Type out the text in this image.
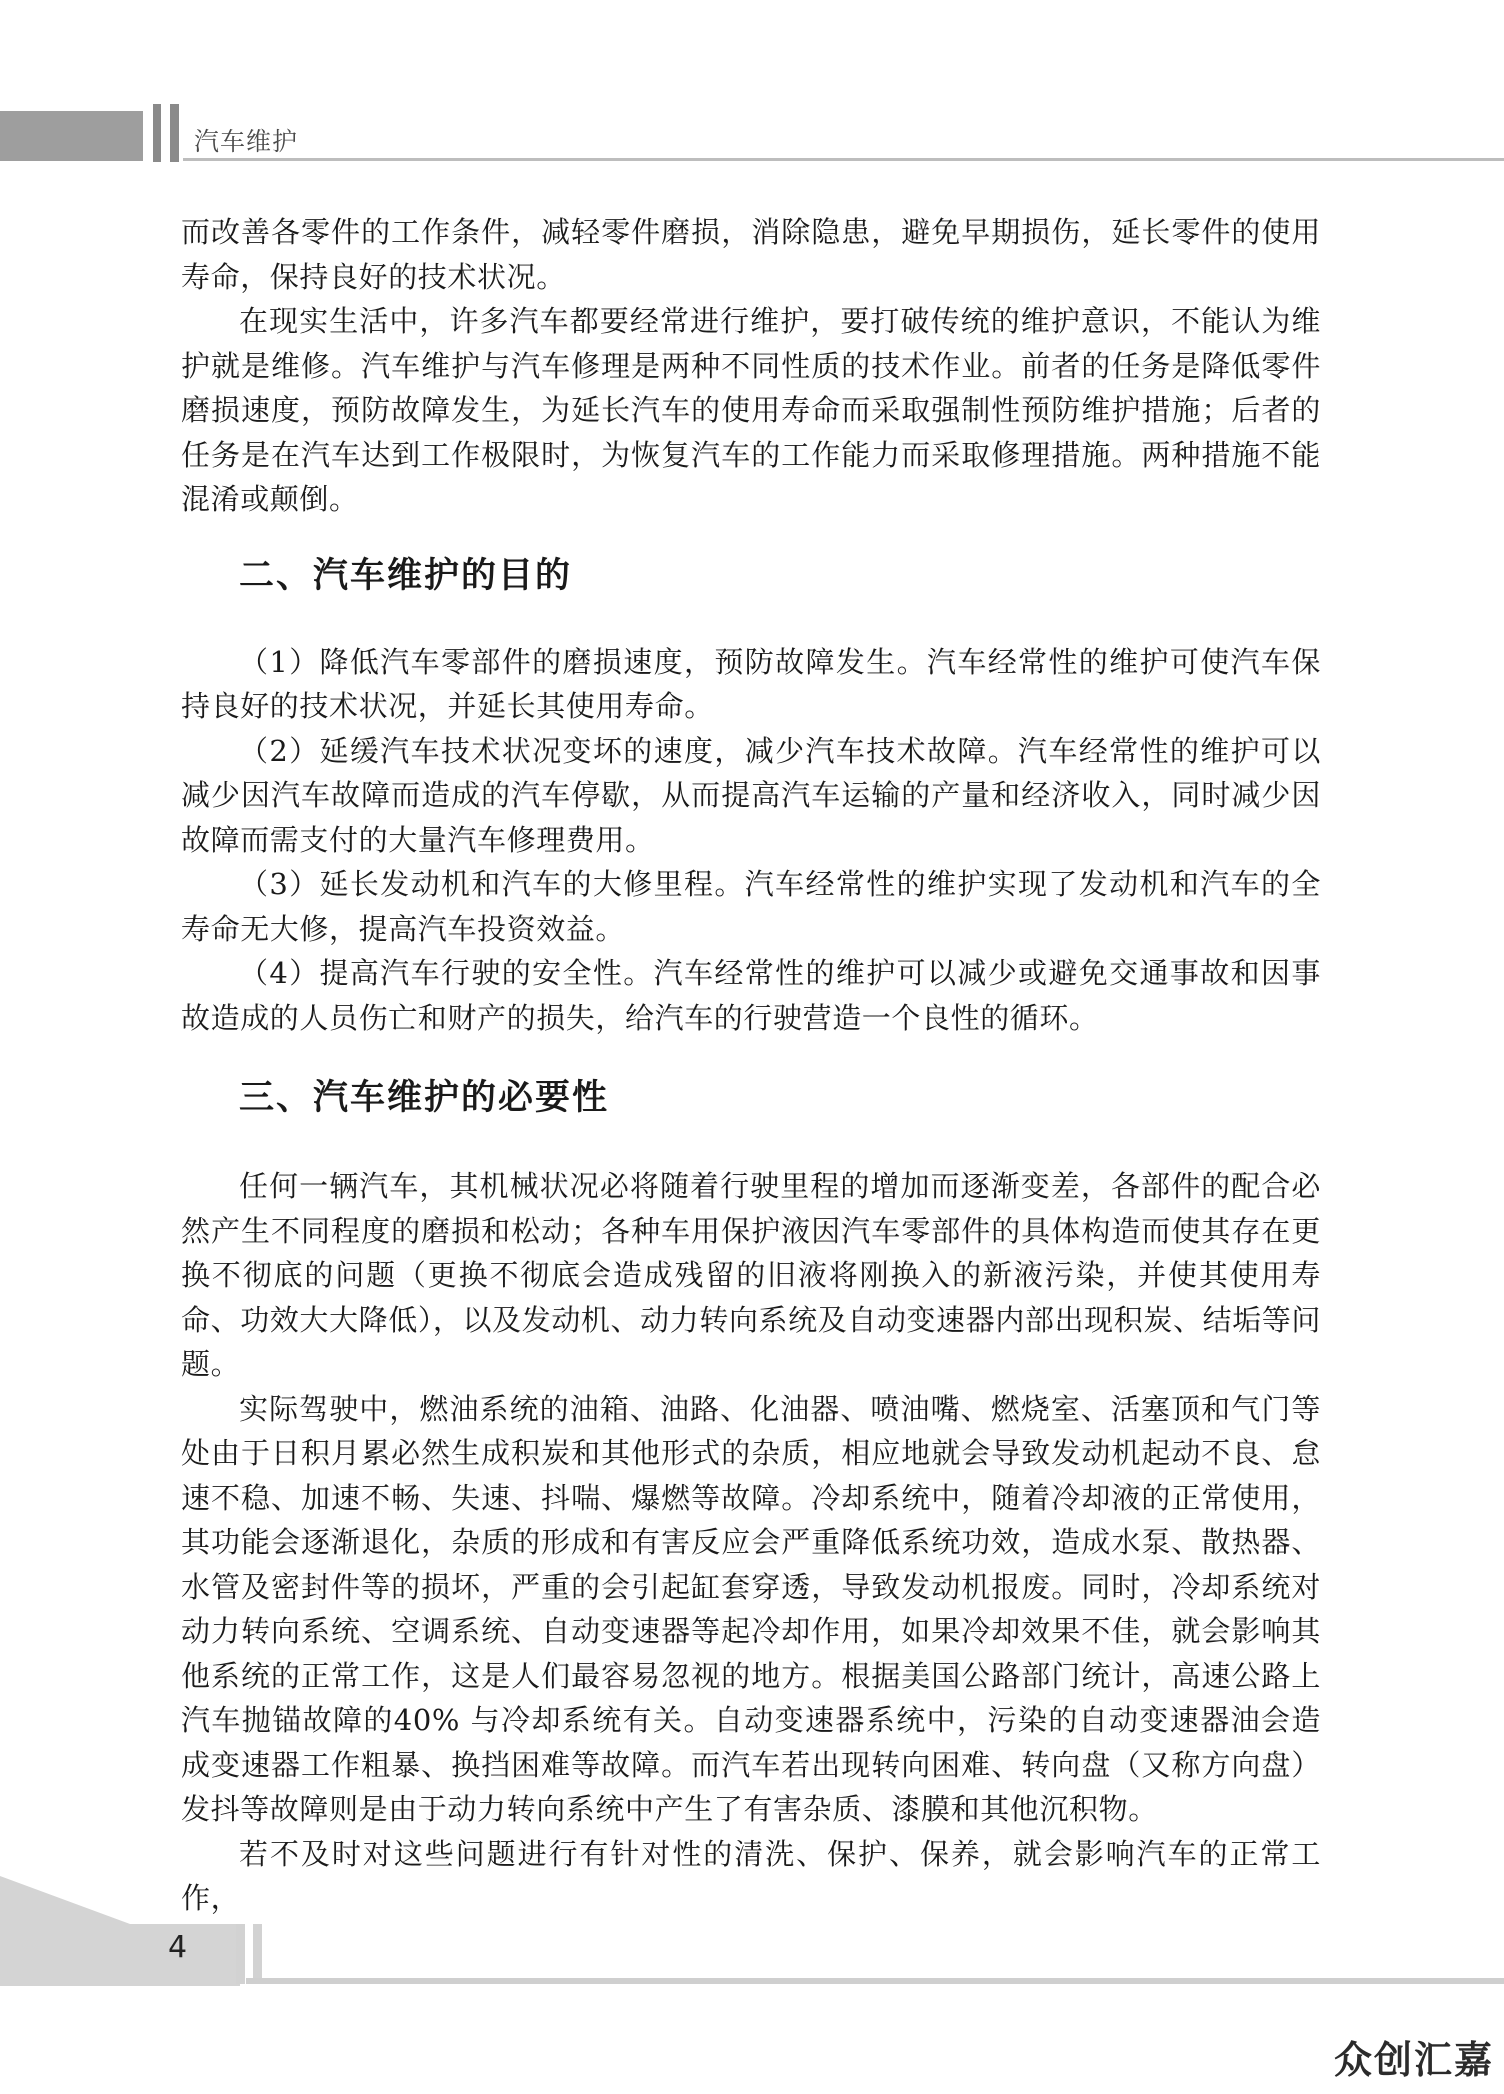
汽车维护

而改善各零件的工作条件，减轻零件磨损，消除隐患，避免早期损伤，延长零件的使用寿命，保持良好的技术状况。

在现实生活中，许多汽车都要经常进行维护，要打破传统的维护意识，不能认为维护就是维修。汽车维护与汽车修理是两种不同性质的技术作业。前者的任务是降低零件磨损速度，预防故障发生，为延长汽车的使用寿命而采取强制性预防维护措施；后者的任务是在汽车达到工作极限时，为恢复汽车的工作能力而采取修理措施。两种措施不能混淆或颠倒。

二、汽车维护的目的

（1）降低汽车零部件的磨损速度，预防故障发生。汽车经常性的维护可使汽车保持良好的技术状况，并延长其使用寿命。

（2）延缓汽车技术状况变坏的速度，减少汽车技术故障。汽车经常性的维护可以减少因汽车故障而造成的汽车停歇，从而提高汽车运输的产量和经济收入，同时减少因故障而需支付的大量汽车修理费用。

（3）延长发动机和汽车的大修里程。汽车经常性的维护实现了发动机和汽车的全寿命无大修，提高汽车投资效益。

（4）提高汽车行驶的安全性。汽车经常性的维护可以减少或避免交通事故和因事故造成的人员伤亡和财产的损失，给汽车的行驶营造一个良性的循环。

三、汽车维护的必要性

任何一辆汽车，其机械状况必将随着行驶里程的增加而逐渐变差，各部件的配合必然产生不同程度的磨损和松动；各种车用保护液因汽车零部件的具体构造而使其存在更换不彻底的问题（更换不彻底会造成残留的旧液将刚换入的新液污染，并使其使用寿命、功效大大降低），以及发动机、动力转向系统及自动变速器内部出现积炭、结垢等问题。

实际驾驶中，燃油系统的油箱、油路、化油器、喷油嘴、燃烧室、活塞顶和气门等处由于日积月累必然生成积炭和其他形式的杂质，相应地就会导致发动机起动不良、怠速不稳、加速不畅、失速、抖喘、爆燃等故障。冷却系统中，随着冷却液的正常使用，其功能会逐渐退化，杂质的形成和有害反应会严重降低系统功效，造成水泵、散热器、水管及密封件等的损坏，严重的会引起缸套穿透，导致发动机报废。同时，冷却系统对动力转向系统、空调系统、自动变速器等起冷却作用，如果冷却效果不佳，就会影响其他系统的正常工作，这是人们最容易忽视的地方。根据美国公路部门统计，高速公路上汽车抛锚故障的40% 与冷却系统有关。自动变速器系统中，污染的自动变速器油会造成变速器工作粗暴、换挡困难等故障。而汽车若出现转向困难、转向盘（又称方向盘）发抖等故障则是由于动力转向系统中产生了有害杂质、漆膜和其他沉积物。

若不及时对这些问题进行有针对性的清洗、保护、保养，就会影响汽车的正常工作，

4
众创汇嘉
